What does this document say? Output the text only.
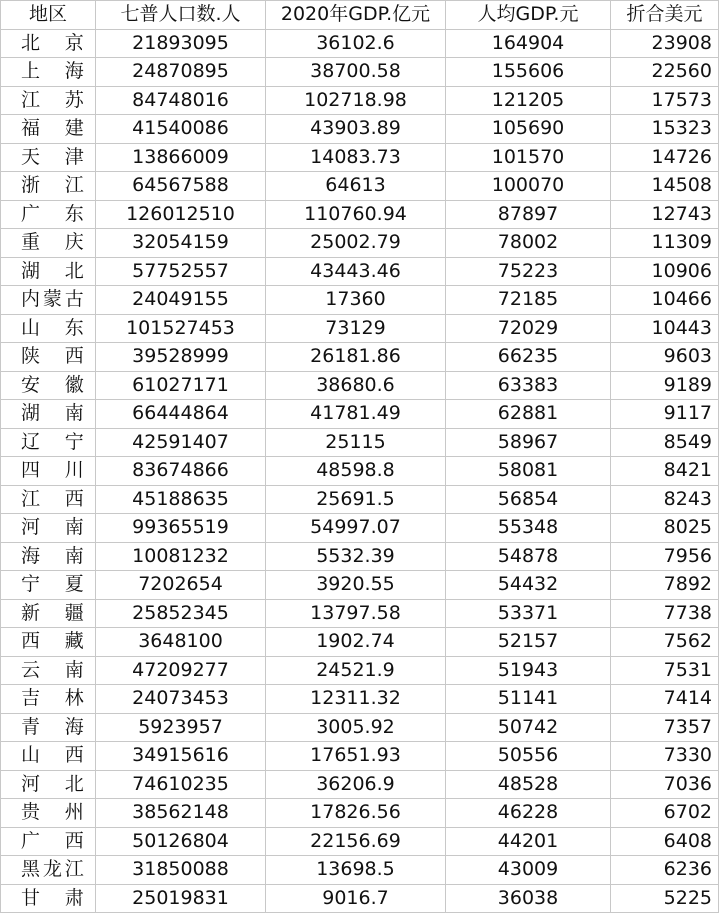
地区	七普人口数.人	2020年GDP.亿元	人均GDP.元	折合美元
北　京	21893095	36102.6	164904	23908
上　海	24870895	38700.58	155606	22560
江　苏	84748016	102718.98	121205	17573
福　建	41540086	43903.89	105690	15323
天　津	13866009	14083.73	101570	14726
浙　江	64567588	64613	100070	14508
广　东	126012510	110760.94	87897	12743
重　庆	32054159	25002.79	78002	11309
湖　北	57752557	43443.46	75223	10906
内蒙古	24049155	17360	72185	10466
山　东	101527453	73129	72029	10443
陕　西	39528999	26181.86	66235	9603
安　徽	61027171	38680.6	63383	9189
湖　南	66444864	41781.49	62881	9117
辽　宁	42591407	25115	58967	8549
四　川	83674866	48598.8	58081	8421
江　西	45188635	25691.5	56854	8243
河　南	99365519	54997.07	55348	8025
海　南	10081232	5532.39	54878	7956
宁　夏	7202654	3920.55	54432	7892
新　疆	25852345	13797.58	53371	7738
西　藏	3648100	1902.74	52157	7562
云　南	47209277	24521.9	51943	7531
吉　林	24073453	12311.32	51141	7414
青　海	5923957	3005.92	50742	7357
山　西	34915616	17651.93	50556	7330
河　北	74610235	36206.9	48528	7036
贵　州	38562148	17826.56	46228	6702
广　西	50126804	22156.69	44201	6408
黑龙江	31850088	13698.5	43009	6236
甘　肃	25019831	9016.7	36038	5225
